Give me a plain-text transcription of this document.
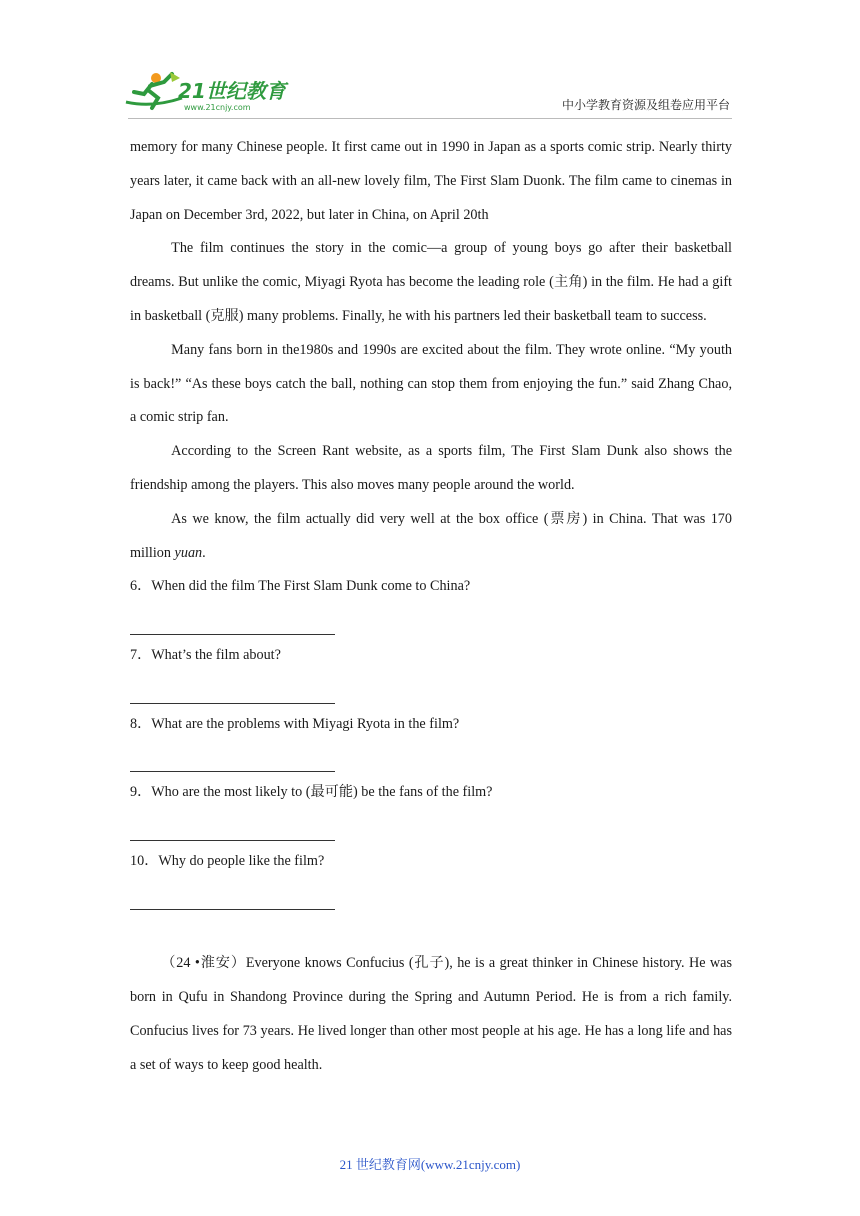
21世纪教育
www.21cnjy.com	中小学教育资源及组卷应用平台

memory for many Chinese people. It first came out in 1990 in Japan as a sports comic strip. Nearly thirty years later, it came back with an all-new lovely film, The First Slam Duonk. The film came to cinemas in Japan on December 3rd, 2022, but later in China, on April 20th

The film continues the story in the comic—a group of young boys go after their basketball dreams. But unlike the comic, Miyagi Ryota has become the leading role (主角) in the film. He had a gift in basketball (克服) many problems. Finally, he with his partners led their basketball team to success.

Many fans born in the1980s and 1990s are excited about the film. They wrote online. “My youth is back!” “As these boys catch the ball, nothing can stop them from enjoying the fun.” said Zhang Chao, a comic strip fan.

According to the Screen Rant website, as a sports film, The First Slam Dunk also shows the friendship among the players. This also moves many people around the world.

As we know, the film actually did very well at the box office (票房) in China. That was 170 million yuan.

6．When did the film The First Slam Dunk come to China?
7．What’s the film about?
8．What are the problems with Miyagi Ryota in the film?
9．Who are the most likely to (最可能) be the fans of the film?
10．Why do people like the film?

（24 •淮安）Everyone knows Confucius (孔子), he is a great thinker in Chinese history. He was born in Qufu in Shandong Province during the Spring and Autumn Period. He is from a rich family. Confucius lives for 73 years. He lived longer than other most people at his age. He has a long life and has a set of ways to keep good health.

21 世纪教育网(www.21cnjy.com)
